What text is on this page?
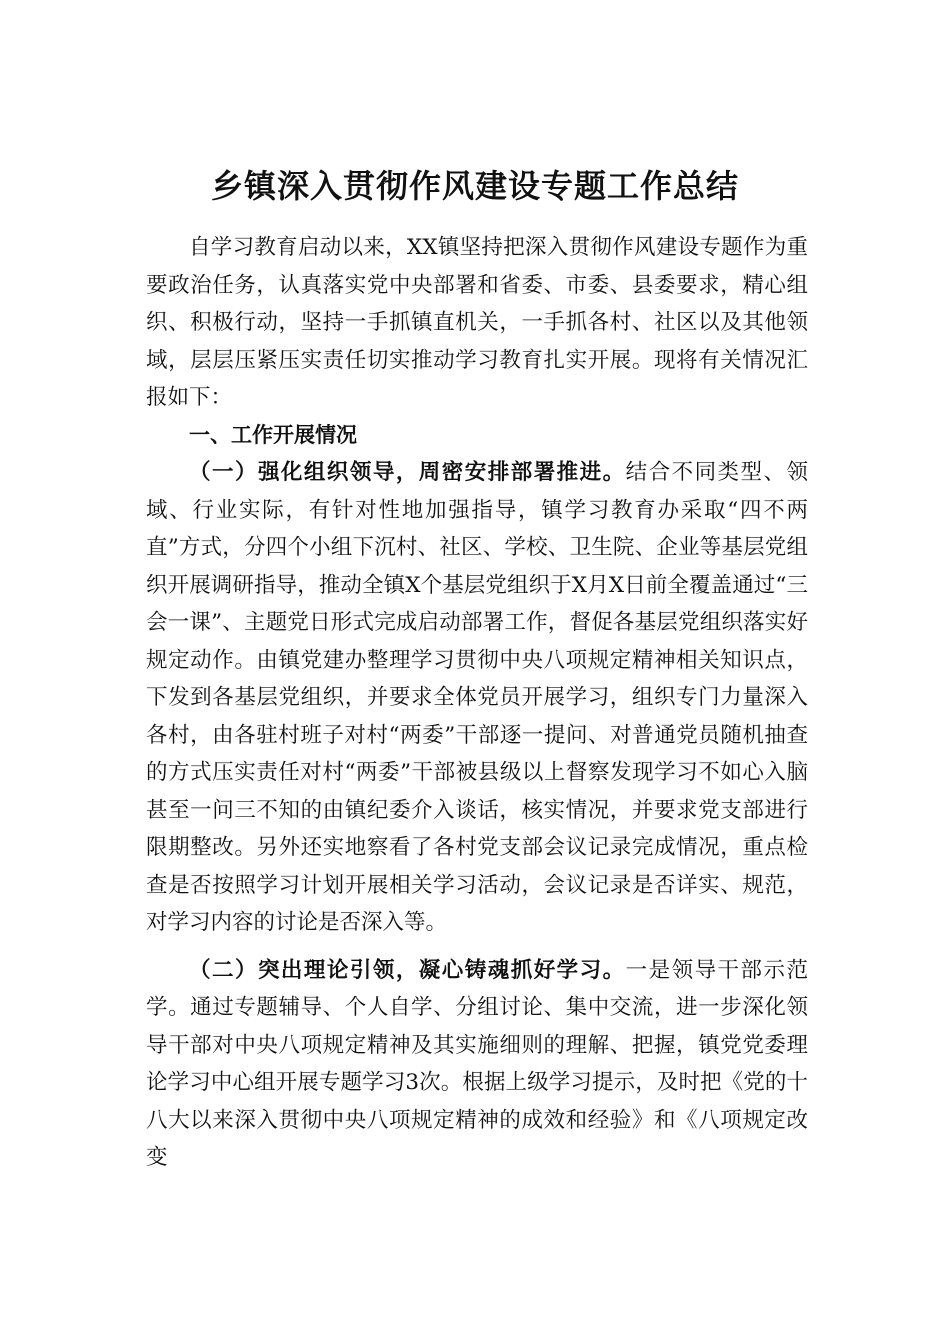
乡镇深入贯彻作风建设专题工作总结

自学习教育启动以来，XX镇坚持把深入贯彻作风建设专题作为重要政治任务，认真落实党中央部署和省委、市委、县委要求，精心组织、积极行动，坚持一手抓镇直机关，一手抓各村、社区以及其他领域，层层压紧压实责任切实推动学习教育扎实开展。现将有关情况汇报如下：

一、工作开展情况

（一）强化组织领导，周密安排部署推进。结合不同类型、领域、行业实际，有针对性地加强指导，镇学习教育办采取“四不两直”方式，分四个小组下沉村、社区、学校、卫生院、企业等基层党组织开展调研指导，推动全镇X个基层党组织于X月X日前全覆盖通过“三会一课”、主题党日形式完成启动部署工作，督促各基层党组织落实好规定动作。由镇党建办整理学习贯彻中央八项规定精神相关知识点，下发到各基层党组织，并要求全体党员开展学习，组织专门力量深入各村，由各驻村班子对村“两委”干部逐一提问、对普通党员随机抽查的方式压实责任对村“两委”干部被县级以上督察发现学习不如心入脑甚至一问三不知的由镇纪委介入谈话，核实情况，并要求党支部进行限期整改。另外还实地察看了各村党支部会议记录完成情况，重点检查是否按照学习计划开展相关学习活动，会议记录是否详实、规范，对学习内容的讨论是否深入等。

（二）突出理论引领，凝心铸魂抓好学习。一是领导干部示范学。通过专题辅导、个人自学、分组讨论、集中交流，进一步深化领导干部对中央八项规定精神及其实施细则的理解、把握，镇党党委理论学习中心组开展专题学习3次。根据上级学习提示，及时把《党的十八大以来深入贯彻中央八项规定精神的成效和经验》和《八项规定改变
